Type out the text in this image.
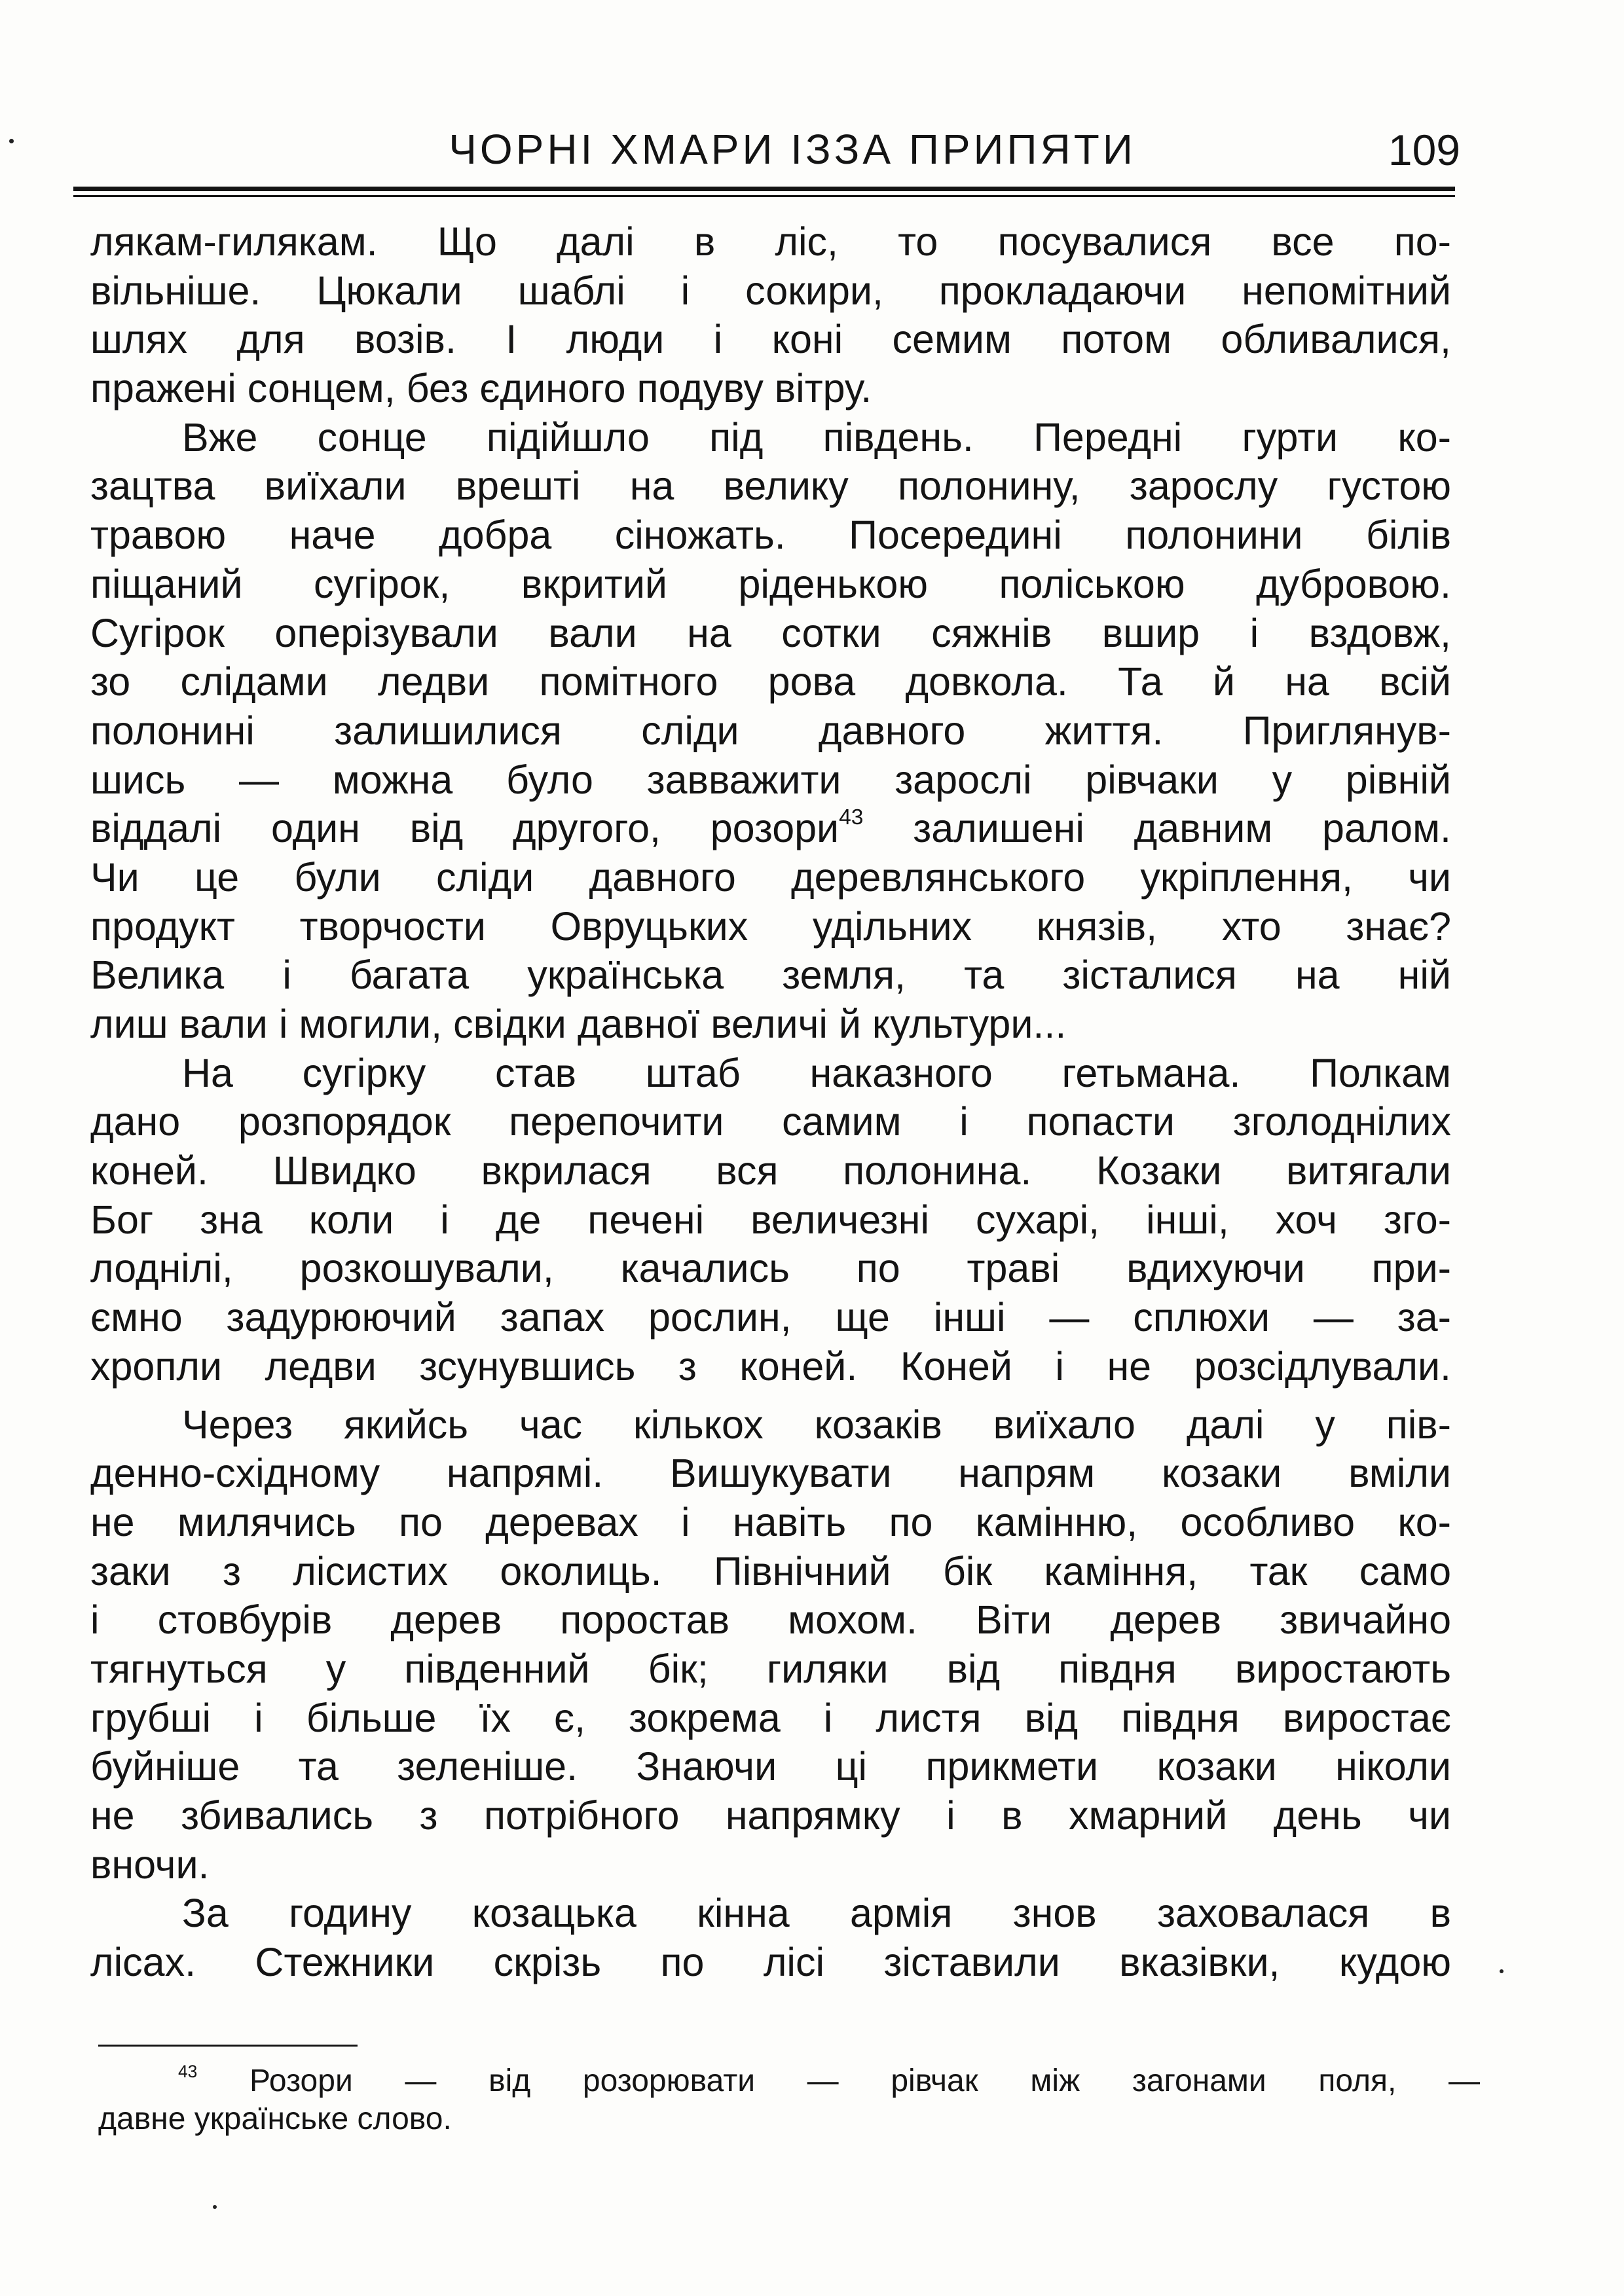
ЧОРНІ ХМАРИ ІЗЗА ПРИПЯТИ	109
лякам-гилякам. Що далі в ліс, то посувалися все по-
вільніше. Цюкали шаблі і сокири, прокладаючи непомітний
шлях для возів. І люди і коні семим потом обливалися,
пражені сонцем, без єдиного подуву вітру.
Вже сонце підійшло під південь. Передні гурти ко-
зацтва виїхали врешті на велику полонину, зарослу густою
травою наче добра сіножать. Посередині полонини білів
піщаний сугірок, вкритий ріденькою поліською дубровою.
Сугірок оперізували вали на сотки сяжнів вшир і вздовж,
зо слідами ледви помітного рова довкола. Та й на всій
полонині залишилися сліди давного життя. Приглянув-
шись — можна було завважити зарослі рівчаки у рівній
віддалі один від другого, розори$^{43}$ залишені давним ралом.
Чи це були сліди давного деревлянського укріплення, чи
продукт творчости Овруцьких удільних князів, хто знає?
Велика і багата українська земля, та зісталися на ній
лиш вали і могили, свідки давної величі й культури...
На сугірку став штаб наказного гетьмана. Полкам
дано розпорядок перепочити самим і попасти зголоднілих
коней. Швидко вкрилася вся полонина. Козаки витягали
Бог зна коли і де печені величезні сухарі, інші, хоч зго-
лоднілі, розкошували, качались по траві вдихуючи при-
ємно задурюючий запах рослин, ще інші — сплюхи — за-
хропли ледви зсунувшись з коней. Коней і не розсідлували.
Через якийсь час кількох козаків виїхало далі у пів-
денно-східному напрямі. Вишукувати напрям козаки вміли
не милячись по деревах і навіть по камінню, особливо ко-
заки з лісистих околиць. Північний бік каміння, так само
і стовбурів дерев поростав мохом. Віти дерев звичайно
тягнуться у південний бік; гиляки від півдня виростають
грубші і більше їх є, зокрема і листя від півдня виростає
буйніше та зеленіше. Знаючи ці прикмети козаки ніколи
не збивались з потрібного напрямку і в хмарний день чи
вночи.
За годину козацька кінна армія знов заховалася в
лісах. Стежники скрізь по лісі зіставили вказівки, кудою
$^{43}$ Розори — від розорювати — рівчак між загонами поля, —
давне українське слово.
